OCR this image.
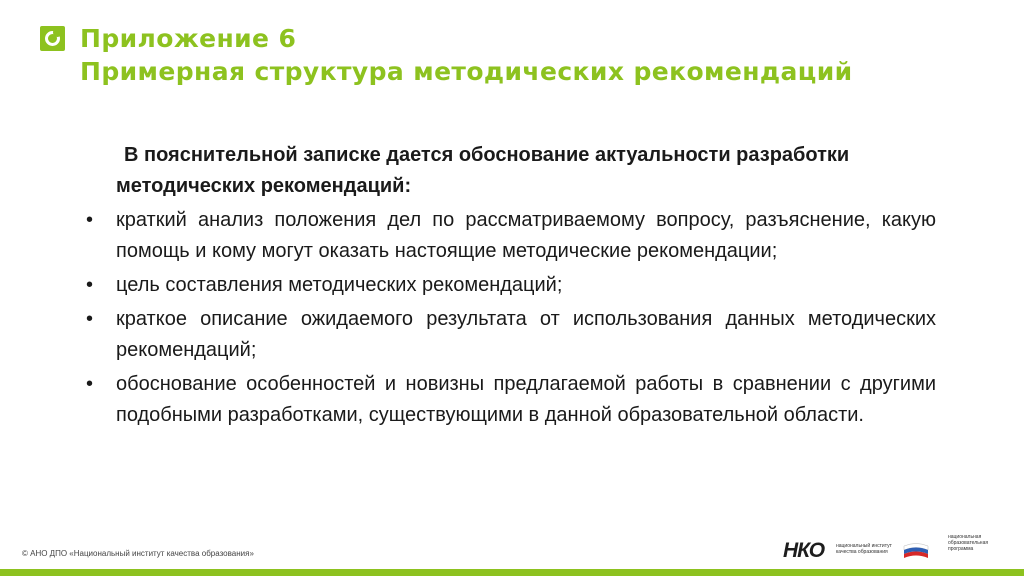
Приложение 6
Примерная структура методических рекомендаций

В пояснительной записке дается обоснование актуальности разработки методических рекомендаций:

• краткий анализ положения дел по рассматриваемому вопросу, разъяснение, какую помощь и кому могут оказать настоящие методические рекомендации;
• цель составления методических рекомендаций;
• краткое описание ожидаемого результата от использования данных методических рекомендаций;
• обоснование особенностей и новизны предлагаемой работы в сравнении с другими подобными разработками, существующими в данной образовательной области.
© АНО ДПО «Национальный институт качества образования»	НКО национальный институт качества образования
национальная образовательная программа
